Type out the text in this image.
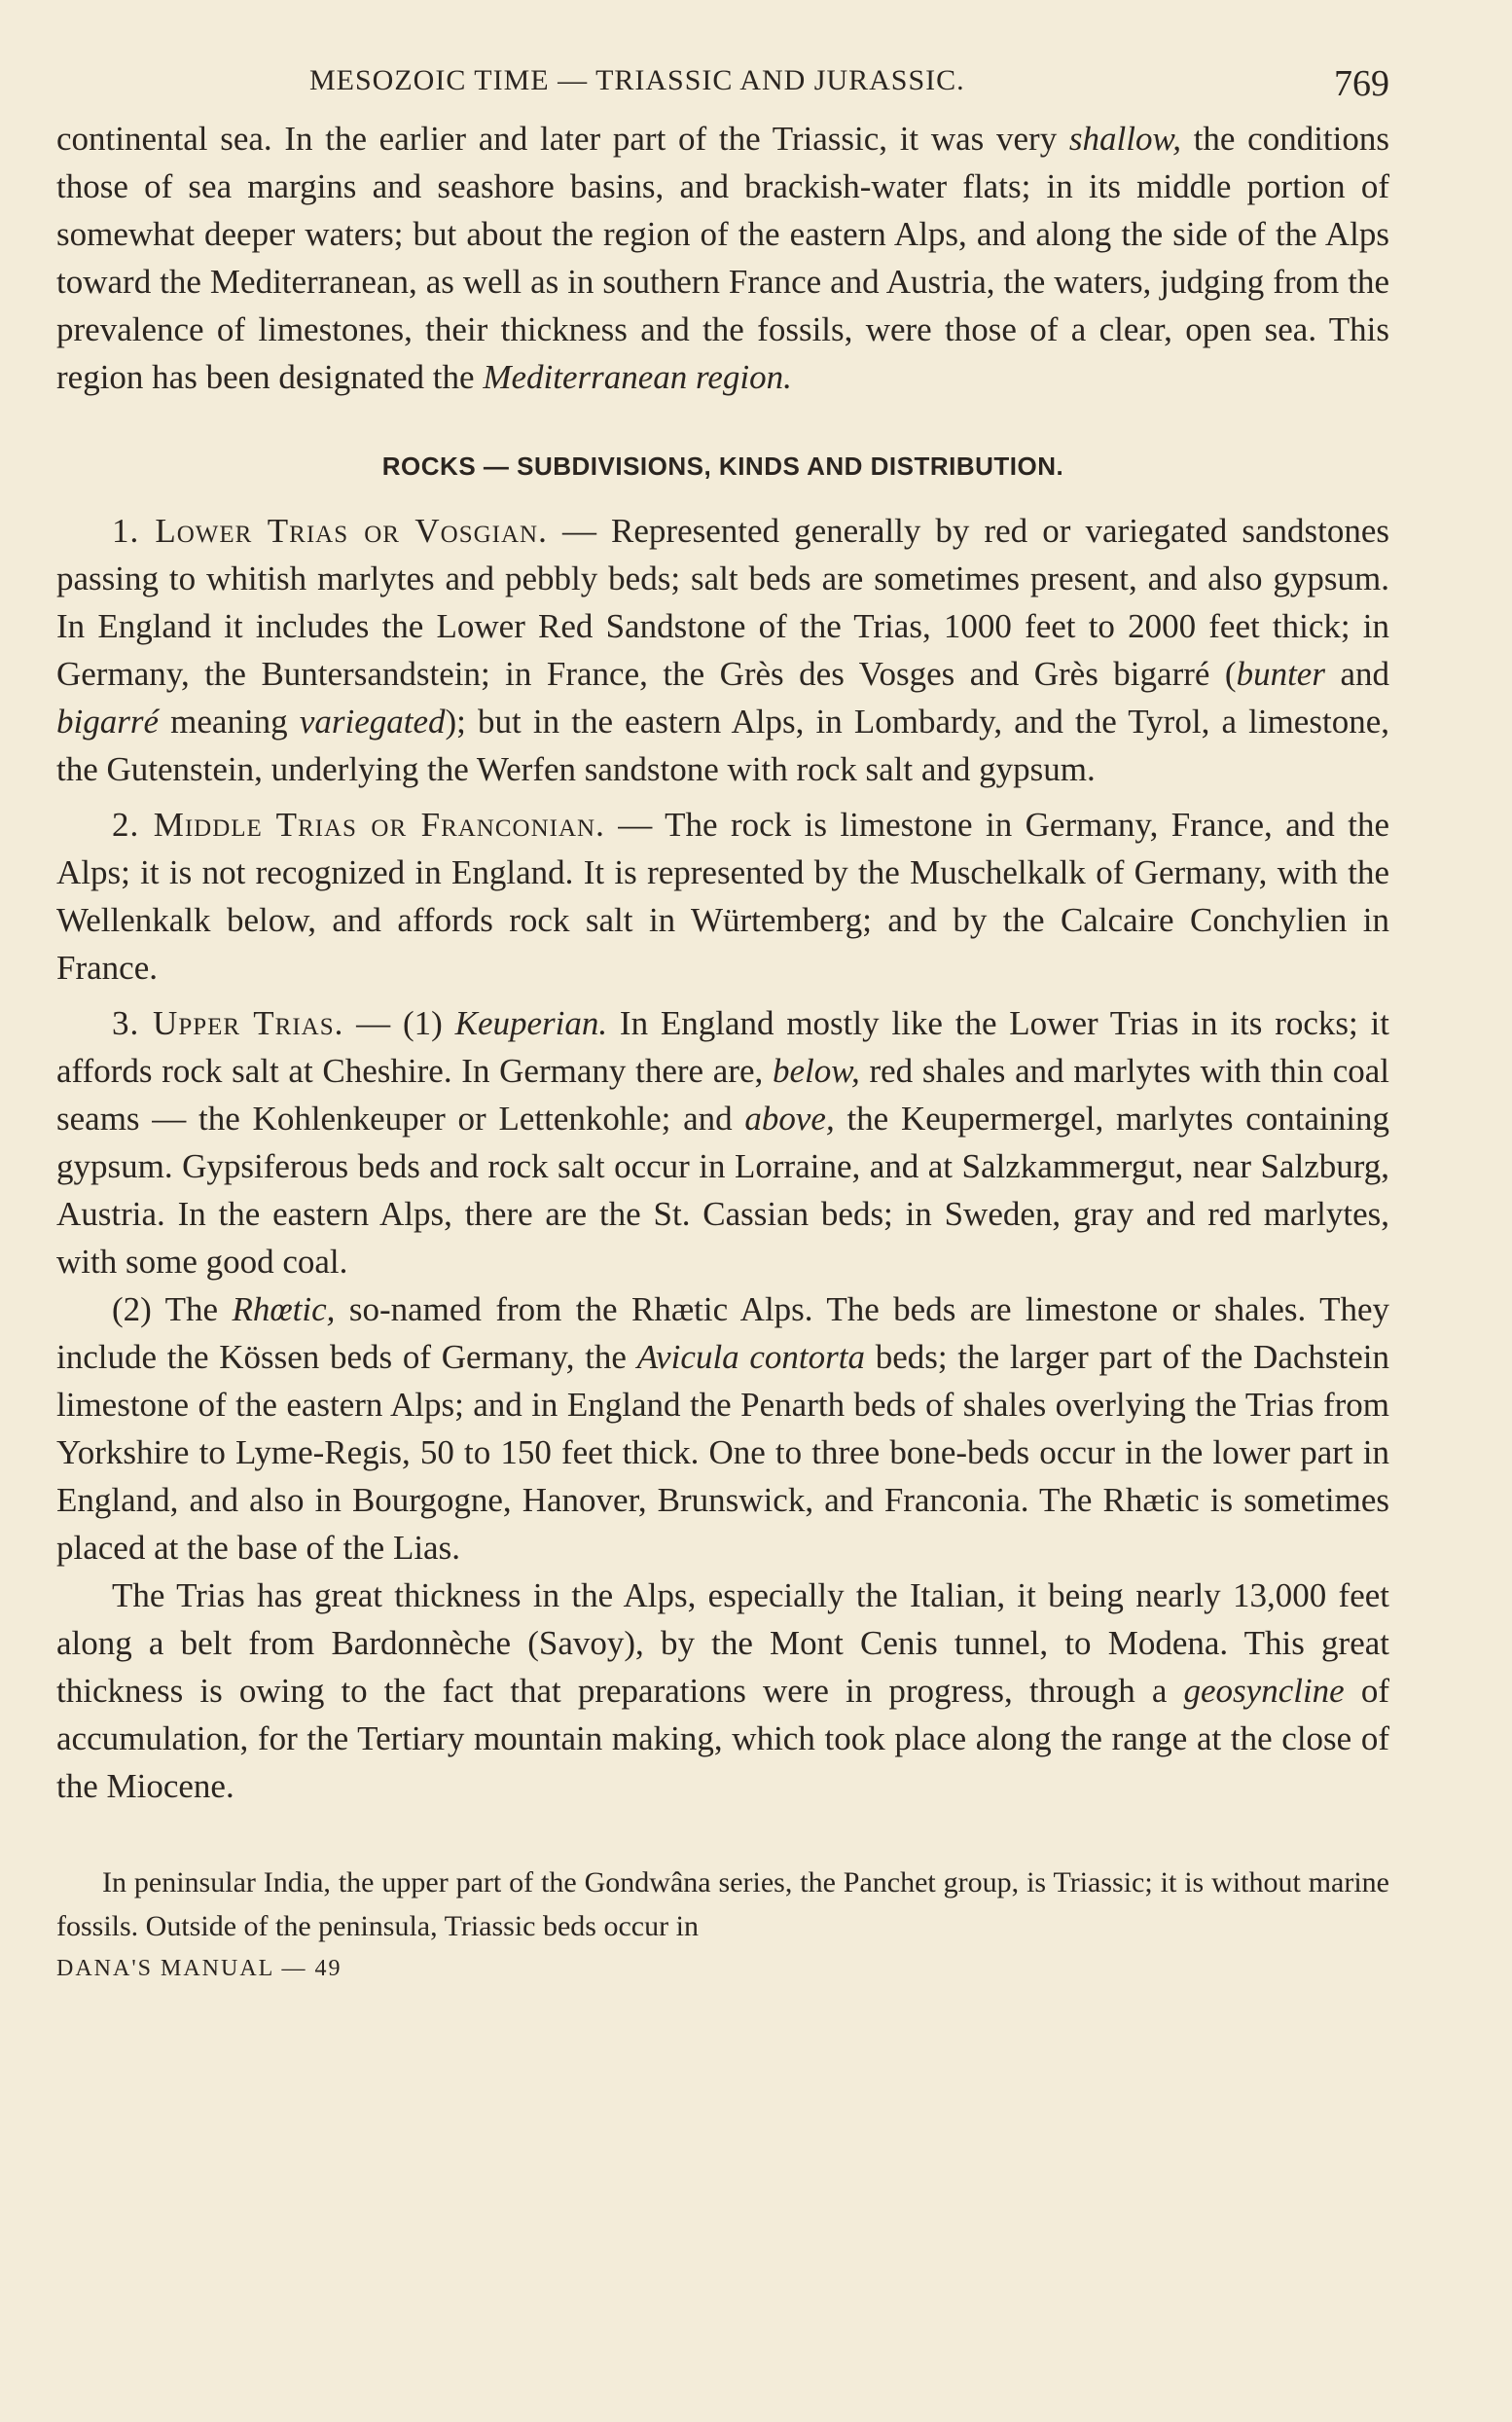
MESOZOIC TIME — TRIASSIC AND JURASSIC.	769

continental sea. In the earlier and later part of the Triassic, it was very shallow, the conditions those of sea margins and seashore basins, and brackish-water flats; in its middle portion of somewhat deeper waters; but about the region of the eastern Alps, and along the side of the Alps toward the Mediterranean, as well as in southern France and Austria, the waters, judging from the prevalence of limestones, their thickness and the fossils, were those of a clear, open sea. This region has been designated the Mediterranean region.

ROCKS — SUBDIVISIONS, KINDS AND DISTRIBUTION.

1. Lower Trias or Vosgian. — Represented generally by red or variegated sandstones passing to whitish marlytes and pebbly beds; salt beds are sometimes present, and also gypsum. In England it includes the Lower Red Sandstone of the Trias, 1000 feet to 2000 feet thick; in Germany, the Buntersandstein; in France, the Grès des Vosges and Grès bigarré (bunter and bigarré meaning variegated); but in the eastern Alps, in Lombardy, and the Tyrol, a limestone, the Gutenstein, underlying the Werfen sandstone with rock salt and gypsum.

2. Middle Trias or Franconian. — The rock is limestone in Germany, France, and the Alps; it is not recognized in England. It is represented by the Muschelkalk of Germany, with the Wellenkalk below, and affords rock salt in Würtemberg; and by the Calcaire Conchylien in France.

3. Upper Trias. — (1) Keuperian. In England mostly like the Lower Trias in its rocks; it affords rock salt at Cheshire. In Germany there are, below, red shales and marlytes with thin coal seams — the Kohlenkeuper or Lettenkohle; and above, the Keupermergel, marlytes containing gypsum. Gypsiferous beds and rock salt occur in Lorraine, and at Salzkammergut, near Salzburg, Austria. In the eastern Alps, there are the St. Cassian beds; in Sweden, gray and red marlytes, with some good coal.

(2) The Rhœtic, so-named from the Rhætic Alps. The beds are limestone or shales. They include the Kössen beds of Germany, the Avicula contorta beds; the larger part of the Dachstein limestone of the eastern Alps; and in England the Penarth beds of shales overlying the Trias from Yorkshire to Lyme-Regis, 50 to 150 feet thick. One to three bone-beds occur in the lower part in England, and also in Bourgogne, Hanover, Brunswick, and Franconia. The Rhætic is sometimes placed at the base of the Lias.

The Trias has great thickness in the Alps, especially the Italian, it being nearly 13,000 feet along a belt from Bardonnèche (Savoy), by the Mont Cenis tunnel, to Modena. This great thickness is owing to the fact that preparations were in progress, through a geosyncline of accumulation, for the Tertiary mountain making, which took place along the range at the close of the Miocene.

In peninsular India, the upper part of the Gondwâna series, the Panchet group, is Triassic; it is without marine fossils. Outside of the peninsula, Triassic beds occur in

DANA'S MANUAL — 49
